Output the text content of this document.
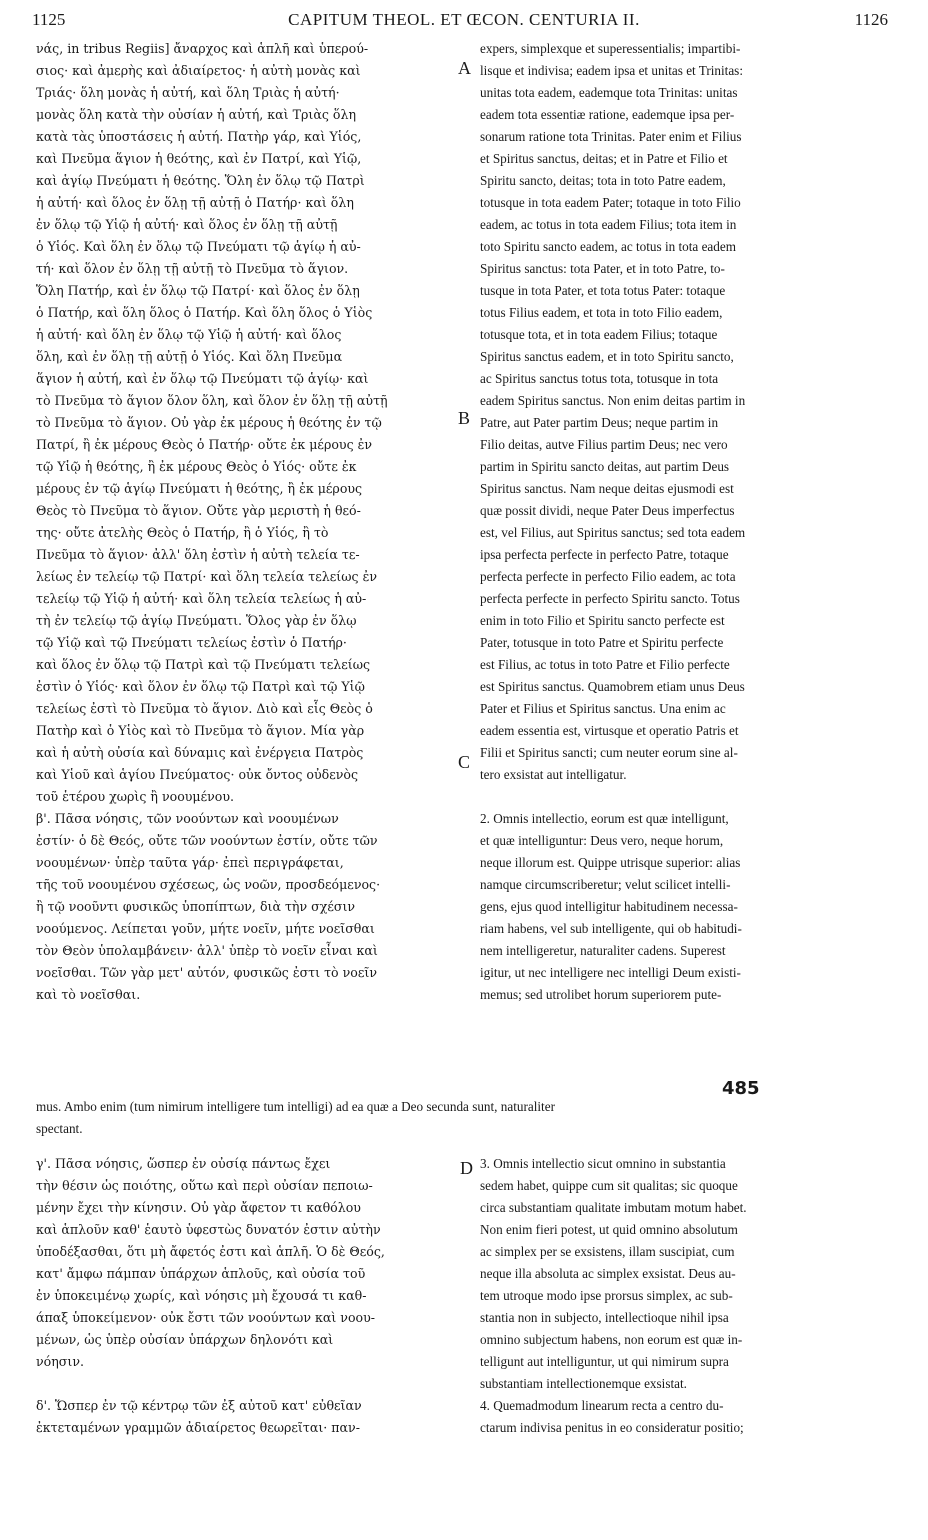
1125	CAPITUM THEOL. ET ŒCON. CENTURIA II.	1126
νάς, in tribus Regiis] ἄναρχος καὶ ἁπλῆ καὶ ὑπερού-
σιος· καὶ ἀμερὴς καὶ ἀδιαίρετος· ἡ αὐτὴ μονὰς καὶ
Τριάς· ὅλη μονὰς ἡ αὐτή, καὶ ὅλη Τριὰς ἡ αὐτή·
μονὰς ὅλη κατὰ τὴν οὐσίαν ἡ αὐτή, καὶ Τριὰς ὅλη
κατὰ τὰς ὑποστάσεις ἡ αὐτή. Πατὴρ γάρ, καὶ Υἱός,
καὶ Πνεῦμα ἅγιον ἡ θεότης, καὶ ἐν Πατρί, καὶ Υἱῷ,
καὶ ἁγίῳ Πνεύματι ἡ θεότης. Ὅλη ἐν ὅλῳ τῷ Πατρὶ
ἡ αὐτή· καὶ ὅλος ἐν ὅλῃ τῇ αὐτῇ ὁ Πατήρ· καὶ ὅλη
ἐν ὅλῳ τῷ Υἱῷ ἡ αὐτή· καὶ ὅλος ἐν ὅλῃ τῇ αὐτῇ
ὁ Υἱός. Καὶ ὅλη ἐν ὅλῳ τῷ Πνεύματι τῷ ἁγίῳ ἡ αὐ-
τή· καὶ ὅλον ἐν ὅλῃ τῇ αὐτῇ τὸ Πνεῦμα τὸ ἅγιον.
Ὅλη Πατήρ, καὶ ἐν ὅλῳ τῷ Πατρί· καὶ ὅλος ἐν ὅλῃ
ὁ Πατήρ, καὶ ὅλη ὅλος ὁ Πατήρ. Καὶ ὅλη ὅλος ὁ Υἱὸς
ἡ αὐτή· καὶ ὅλη ἐν ὅλῳ τῷ Υἱῷ ἡ αὐτή· καὶ ὅλος
ὅλη, καὶ ἐν ὅλῃ τῇ αὐτῇ ὁ Υἱός. Καὶ ὅλη Πνεῦμα
ἅγιον ἡ αὐτή, καὶ ἐν ὅλῳ τῷ Πνεύματι τῷ ἁγίῳ· καὶ
τὸ Πνεῦμα τὸ ἅγιον ὅλον ὅλη, καὶ ὅλον ἐν ὅλῃ τῇ αὐτῇ
τὸ Πνεῦμα τὸ ἅγιον. Οὐ γὰρ ἐκ μέρους ἡ θεότης ἐν τῷ
Πατρί, ἢ ἐκ μέρους Θεὸς ὁ Πατήρ· οὔτε ἐκ μέρους ἐν
τῷ Υἱῷ ἡ θεότης, ἢ ἐκ μέρους Θεὸς ὁ Υἱός· οὔτε ἐκ
μέρους ἐν τῷ ἁγίῳ Πνεύματι ἡ θεότης, ἢ ἐκ μέρους
Θεὸς τὸ Πνεῦμα τὸ ἅγιον. Οὔτε γὰρ μεριστὴ ἡ θεό-
της· οὔτε ἀτελὴς Θεὸς ὁ Πατήρ, ἢ ὁ Υἱός, ἢ τὸ
Πνεῦμα τὸ ἅγιον· ἀλλ' ὅλη ἐστὶν ἡ αὐτὴ τελεία τε-
λείως ἐν τελείῳ τῷ Πατρί· καὶ ὅλη τελεία τελείως ἐν
τελείῳ τῷ Υἱῷ ἡ αὐτή· καὶ ὅλη τελεία τελείως ἡ αὐ-
τὴ ἐν τελείῳ τῷ ἁγίῳ Πνεύματι. Ὅλος γὰρ ἐν ὅλῳ
τῷ Υἱῷ καὶ τῷ Πνεύματι τελείως ἐστὶν ὁ Πατήρ·
καὶ ὅλος ἐν ὅλῳ τῷ Πατρὶ καὶ τῷ Πνεύματι τελείως
ἐστὶν ὁ Υἱός· καὶ ὅλον ἐν ὅλῳ τῷ Πατρὶ καὶ τῷ Υἱῷ
τελείως ἐστὶ τὸ Πνεῦμα τὸ ἅγιον. Διὸ καὶ εἷς Θεὸς ὁ
Πατὴρ καὶ ὁ Υἱὸς καὶ τὸ Πνεῦμα τὸ ἅγιον. Μία γὰρ
καὶ ἡ αὐτὴ οὐσία καὶ δύναμις καὶ ἐνέργεια Πατρὸς
καὶ Υἱοῦ καὶ ἁγίου Πνεύματος· οὐκ ὄντος οὐδενὸς
τοῦ ἑτέρου χωρὶς ἢ νοουμένου.
β'. Πᾶσα νόησις, τῶν νοούντων καὶ νοουμένων
ἐστίν· ὁ δὲ Θεός, οὔτε τῶν νοούντων ἐστίν, οὔτε τῶν
νοουμένων· ὑπὲρ ταῦτα γάρ· ἐπεὶ περιγράφεται,
τῆς τοῦ νοουμένου σχέσεως, ὡς νοῶν, προσδεόμενος·
ἢ τῷ νοοῦντι φυσικῶς ὑποπίπτων, διὰ τὴν σχέσιν
νοούμενος. Λείπεται γοῦν, μήτε νοεῖν, μήτε νοεῖσθαι
τὸν Θεὸν ὑπολαμβάνειν· ἀλλ' ὑπὲρ τὸ νοεῖν εἶναι καὶ
νοεῖσθαι. Τῶν γὰρ μετ' αὐτόν, φυσικῶς ἐστι τὸ νοεῖν
καὶ τὸ νοεῖσθαι.
expers, simplexque et superessentialis; impartibi-
lisque et indivisa; eadem ipsa et unitas et Trinitas:
unitas tota eadem, eademque tota Trinitas: unitas
eadem tota essentiæ ratione, eademque ipsa per-
sonarum ratione tota Trinitas. Pater enim et Filius
et Spiritus sanctus, deitas; et in Patre et Filio et
Spiritu sancto, deitas; tota in toto Patre eadem,
totusque in tota eadem Pater; totaque in toto Filio
eadem, ac totus in tota eadem Filius; tota item in
toto Spiritu sancto eadem, ac totus in tota eadem
Spiritus sanctus: tota Pater, et in toto Patre, to-
tusque in tota Pater, et tota totus Pater: totaque
totus Filius eadem, et tota in toto Filio eadem,
totusque tota, et in tota eadem Filius; totaque
Spiritus sanctus eadem, et in toto Spiritu sancto,
ac Spiritus sanctus totus tota, totusque in tota
eadem Spiritus sanctus. Non enim deitas partim in
Patre, aut Pater partim Deus; neque partim in
Filio deitas, autve Filius partim Deus; nec vero
partim in Spiritu sancto deitas, aut partim Deus
Spiritus sanctus. Nam neque deitas ejusmodi est
quæ possit dividi, neque Pater Deus imperfectus
est, vel Filius, aut Spiritus sanctus; sed tota eadem
ipsa perfecta perfecte in perfecto Patre, totaque
perfecta perfecte in perfecto Filio eadem, ac tota
perfecta perfecte in perfecto Spiritu sancto. Totus
enim in toto Filio et Spiritu sancto perfecte est
Pater, totusque in toto Patre et Spiritu perfecte
est Filius, ac totus in toto Patre et Filio perfecte
est Spiritus sanctus. Quamobrem etiam unus Deus
Pater et Filius et Spiritus sanctus. Una enim ac
eadem essentia est, virtusque et operatio Patris et
Filii et Spiritus sancti; cum neuter eorum sine al-
tero exsistat aut intelligatur.
2. Omnis intellectio, eorum est quæ intelligunt,
et quæ intelliguntur: Deus vero, neque horum,
neque illorum est. Quippe utrisque superior: alias
namque circumscriberetur; velut scilicet intelli-
gens, ejus quod intelligitur habitudinem necessa-
riam habens, vel sub intelligente, qui ob habitudi-
nem intelligeretur, naturaliter cadens. Superest
igitur, ut nec intelligere nec intelligi Deum existi-
memus; sed utrolibet horum superiorem pute-
mus. Ambo enim (tum nimirum intelligere tum intelligi) ad ea quæ a Deo secunda sunt, naturaliter
spectant.
γ'. Πᾶσα νόησις, ὥσπερ ἐν οὐσίᾳ πάντως ἔχει
τὴν θέσιν ὡς ποιότης, οὕτω καὶ περὶ οὐσίαν πεποιω-
μένην ἔχει τὴν κίνησιν. Οὐ γὰρ ἄφετον τι καθόλου
καὶ ἁπλοῦν καθ' ἑαυτὸ ὑφεστὼς δυνατόν ἐστιν αὐτὴν
ὑποδέξασθαι, ὅτι μὴ ἄφετός ἐστι καὶ ἁπλῆ. Ὁ δὲ Θεός,
κατ' ἄμφω πάμπαν ὑπάρχων ἁπλοῦς, καὶ οὐσία τοῦ
ἐν ὑποκειμένῳ χωρίς, καὶ νόησις μὴ ἔχουσά τι καθ-
άπαξ ὑποκείμενον· οὐκ ἔστι τῶν νοούντων καὶ νοου-
μένων, ὡς ὑπὲρ οὐσίαν ὑπάρχων δηλονότι καὶ
νόησιν.
δ'. Ὥσπερ ἐν τῷ κέντρῳ τῶν ἐξ αὐτοῦ κατ' εὐθεῖαν
ἐκτεταμένων γραμμῶν ἀδιαίρετος θεωρεῖται· παν-
3. Omnis intellectio sicut omnino in substantia
sedem habet, quippe cum sit qualitas; sic quoque
circa substantiam qualitate imbutam motum habet.
Non enim fieri potest, ut quid omnino absolutum
ac simplex per se exsistens, illam suscipiat, cum
neque illa absoluta ac simplex exsistat. Deus au-
tem utroque modo ipse prorsus simplex, ac sub-
stantia non in subjecto, intellectioque nihil ipsa
omnino subjectum habens, non eorum est quæ in-
telligunt aut intelliguntur, ut qui nimirum supra
substantiam intellectionemque exsistat.
4. Quemadmodum linearum recta a centro du-
ctarum indivisa penitus in eo consideratur positio;
A
B
C
D
485
